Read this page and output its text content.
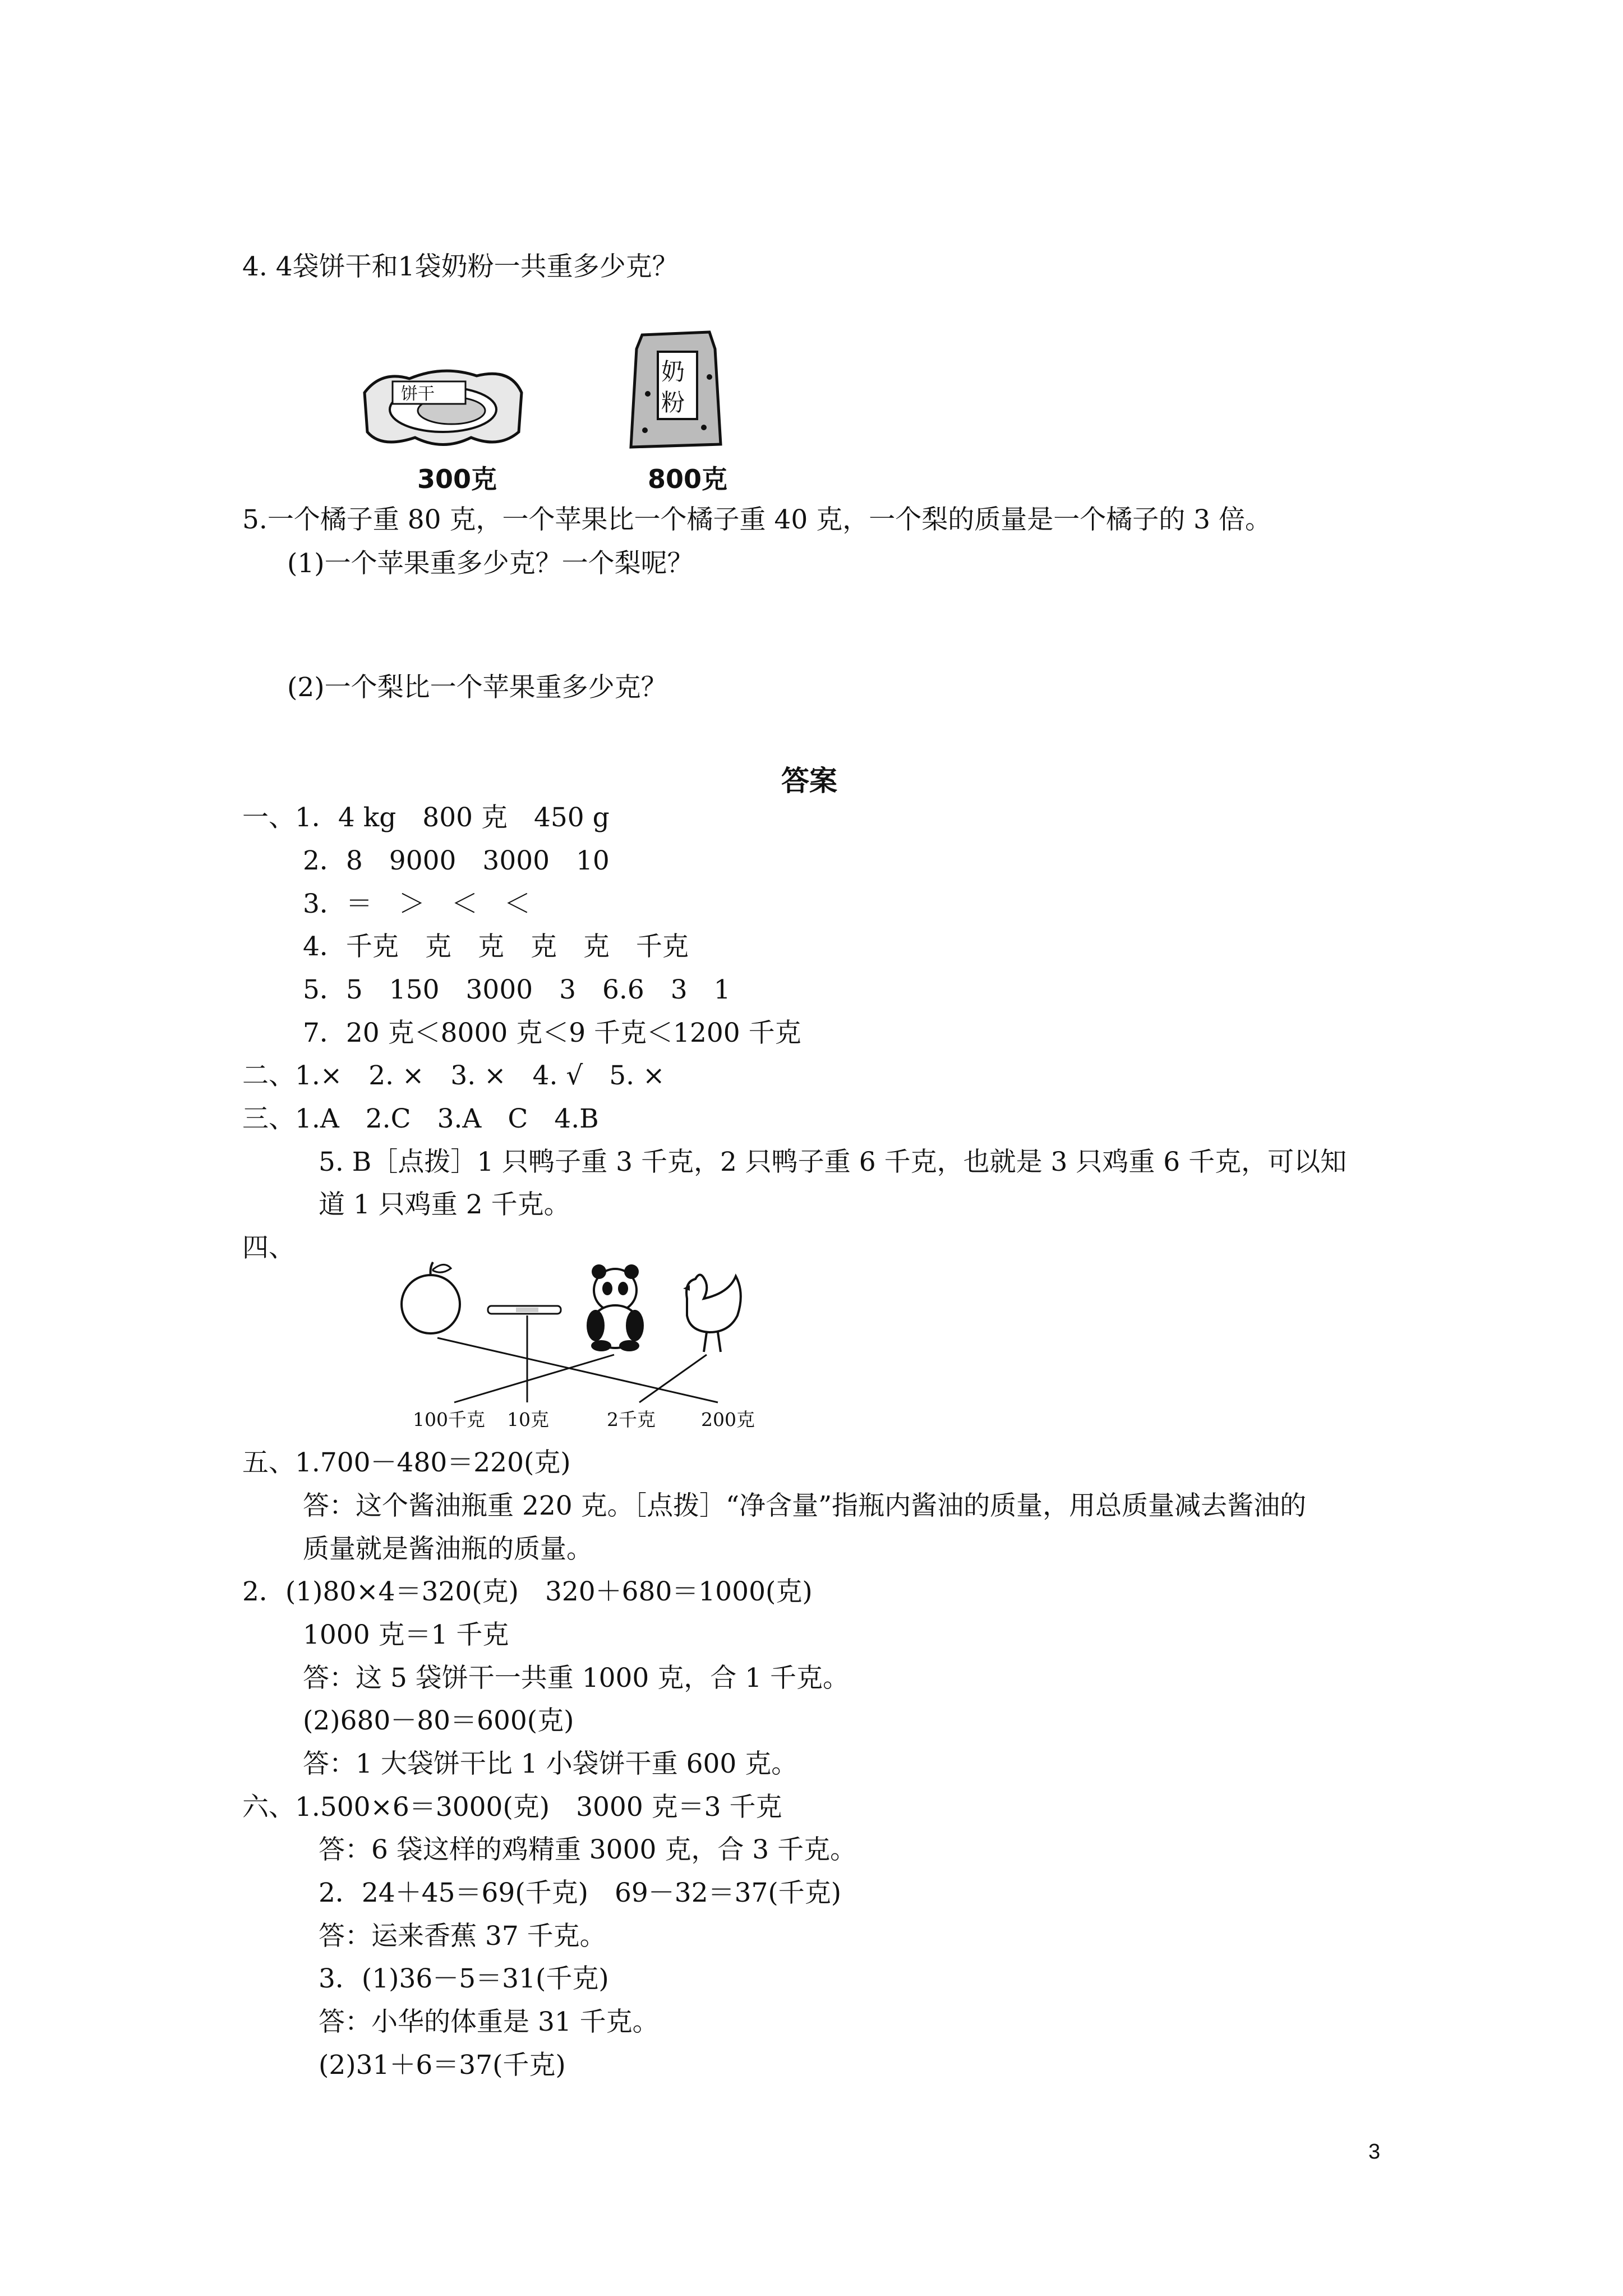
4. 4袋饼干和1袋奶粉一共重多少克？
饼干
300克
奶
粉
800克
5.一个橘子重 80 克，一个苹果比一个橘子重 40 克，一个梨的质量是一个橘子的 3 倍。
(1)一个苹果重多少克？一个梨呢？
(2)一个梨比一个苹果重多少克？
答案
一、1．4 kg　800 克　450 g
2．8　9000　3000　10
3．＝　＞　＜　＜
4．千克　克　克　克　克　千克
5．5　150　3000　3　6.6　3　1
7．20 克＜8000 克＜9 千克＜1200 千克
二、1.×　2. ×　3. ×　4. √　5. ×
三、1.A　2.C　3.A　C　4.B
5. B［点拨］1 只鸭子重 3 千克，2 只鸭子重 6 千克，也就是 3 只鸡重 6 千克，可以知
道 1 只鸡重 2 千克。
四、
100千克 10克	2千克 200克
五、1.700－480＝220(克)
答：这个酱油瓶重 220 克。［点拨］“净含量”指瓶内酱油的质量，用总质量减去酱油的
质量就是酱油瓶的质量。
2．(1)80×4＝320(克)　320＋680＝1000(克)
1000 克＝1 千克
答：这 5 袋饼干一共重 1000 克，合 1 千克。
(2)680－80＝600(克)
答：1 大袋饼干比 1 小袋饼干重 600 克。
六、1.500×6＝3000(克)　3000 克＝3 千克
答：6 袋这样的鸡精重 3000 克，合 3 千克。
2．24＋45＝69(千克)　69－32＝37(千克)
答：运来香蕉 37 千克。
3．(1)36－5＝31(千克)
答：小华的体重是 31 千克。
(2)31＋6＝37(千克)
3
